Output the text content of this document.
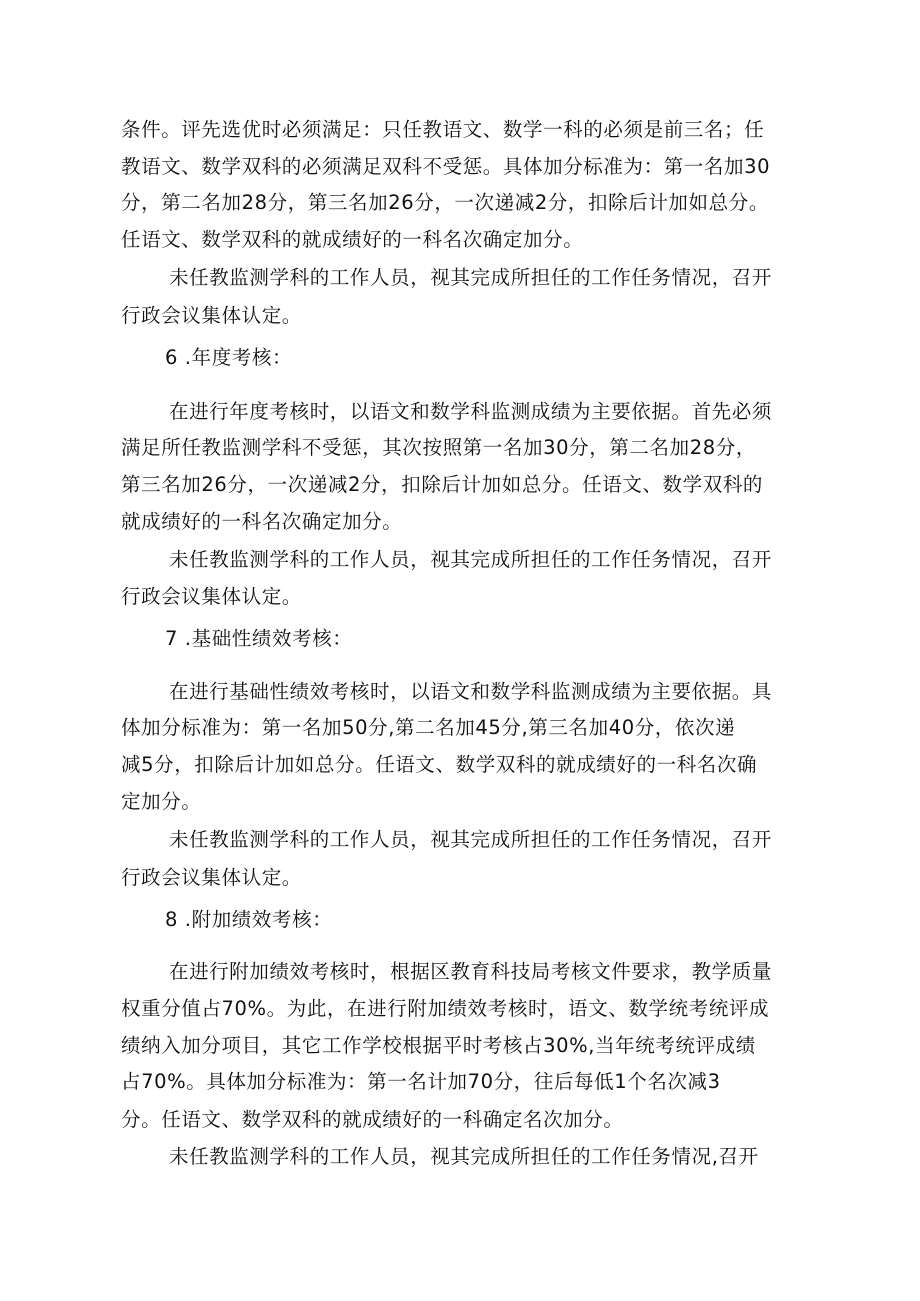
条件。评先选优时必须满足：只任教语文、数学一科的必须是前三名；任

教语文、数学双科的必须满足双科不受惩。具体加分标准为：第一名加30

分，第二名加28分，第三名加26分，一次递减2分，扣除后计加如总分。

任语文、数学双科的就成绩好的一科名次确定加分。

未任教监测学科的工作人员，视其完成所担任的工作任务情况，召开

行政会议集体认定。

6 .年度考核：

在进行年度考核时，以语文和数学科监测成绩为主要依据。首先必须

满足所任教监测学科不受惩，其次按照第一名加30分，第二名加28分，

第三名加26分，一次递减2分，扣除后计加如总分。任语文、数学双科的

就成绩好的一科名次确定加分。

未任教监测学科的工作人员，视其完成所担任的工作任务情况，召开

行政会议集体认定。

7 .基础性绩效考核：

在进行基础性绩效考核时，以语文和数学科监测成绩为主要依据。具

体加分标准为：第一名加50分,第二名加45分,第三名加40分，依次递

减5分，扣除后计加如总分。任语文、数学双科的就成绩好的一科名次确

定加分。

未任教监测学科的工作人员，视其完成所担任的工作任务情况，召开

行政会议集体认定。

8 .附加绩效考核：

在进行附加绩效考核时，根据区教育科技局考核文件要求，教学质量

权重分值占70%。为此，在进行附加绩效考核时，语文、数学统考统评成

绩纳入加分项目，其它工作学校根据平时考核占30%,当年统考统评成绩

占70%。具体加分标准为：第一名计加70分，往后每低1个名次减3

分。任语文、数学双科的就成绩好的一科确定名次加分。

未任教监测学科的工作人员，视其完成所担任的工作任务情况,召开
